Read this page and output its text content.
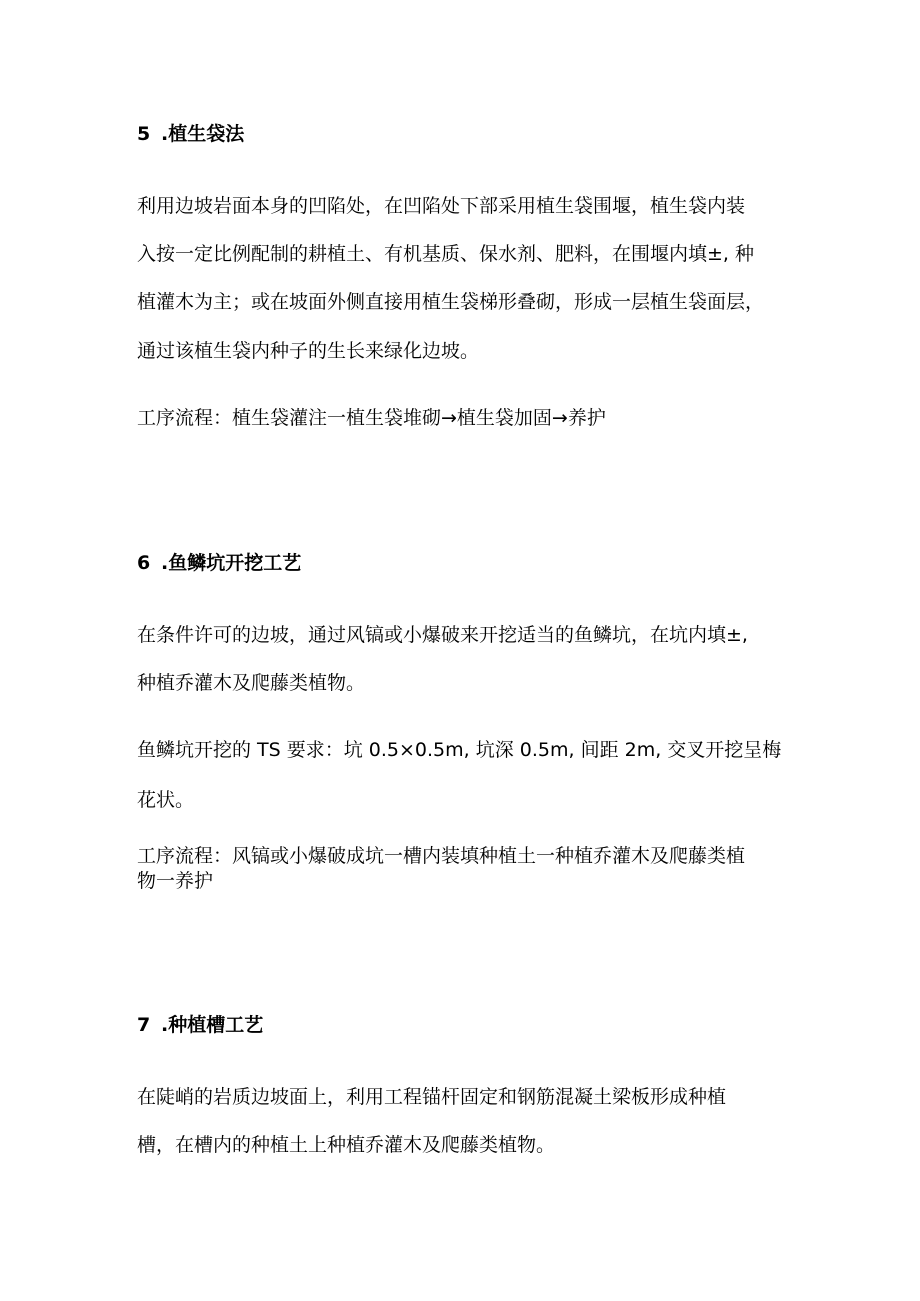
5 .植生袋法
利用边坡岩面本身的凹陷处，在凹陷处下部采用植生袋围堰，植生袋内装
入按一定比例配制的耕植土、有机基质、保水剂、肥料，在围堰内填±, 种
植灌木为主；或在坡面外侧直接用植生袋梯形叠砌，形成一层植生袋面层，
通过该植生袋内种子的生长来绿化边坡。
工序流程：植生袋灌注一植生袋堆砌→植生袋加固→养护
6 .鱼鳞坑开挖工艺
在条件许可的边坡，通过风镐或小爆破来开挖适当的鱼鳞坑，在坑内填±,
种植乔灌木及爬藤类植物。
鱼鳞坑开挖的 TS 要求：坑 0.5×0.5m, 坑深 0.5m, 间距 2m, 交叉开挖呈梅
花状。
工序流程：风镐或小爆破成坑一槽内装填种植土一种植乔灌木及爬藤类植
物一养护
7 .种植槽工艺
在陡峭的岩质边坡面上，利用工程锚杆固定和钢筋混凝土梁板形成种植
槽，在槽内的种植土上种植乔灌木及爬藤类植物。
